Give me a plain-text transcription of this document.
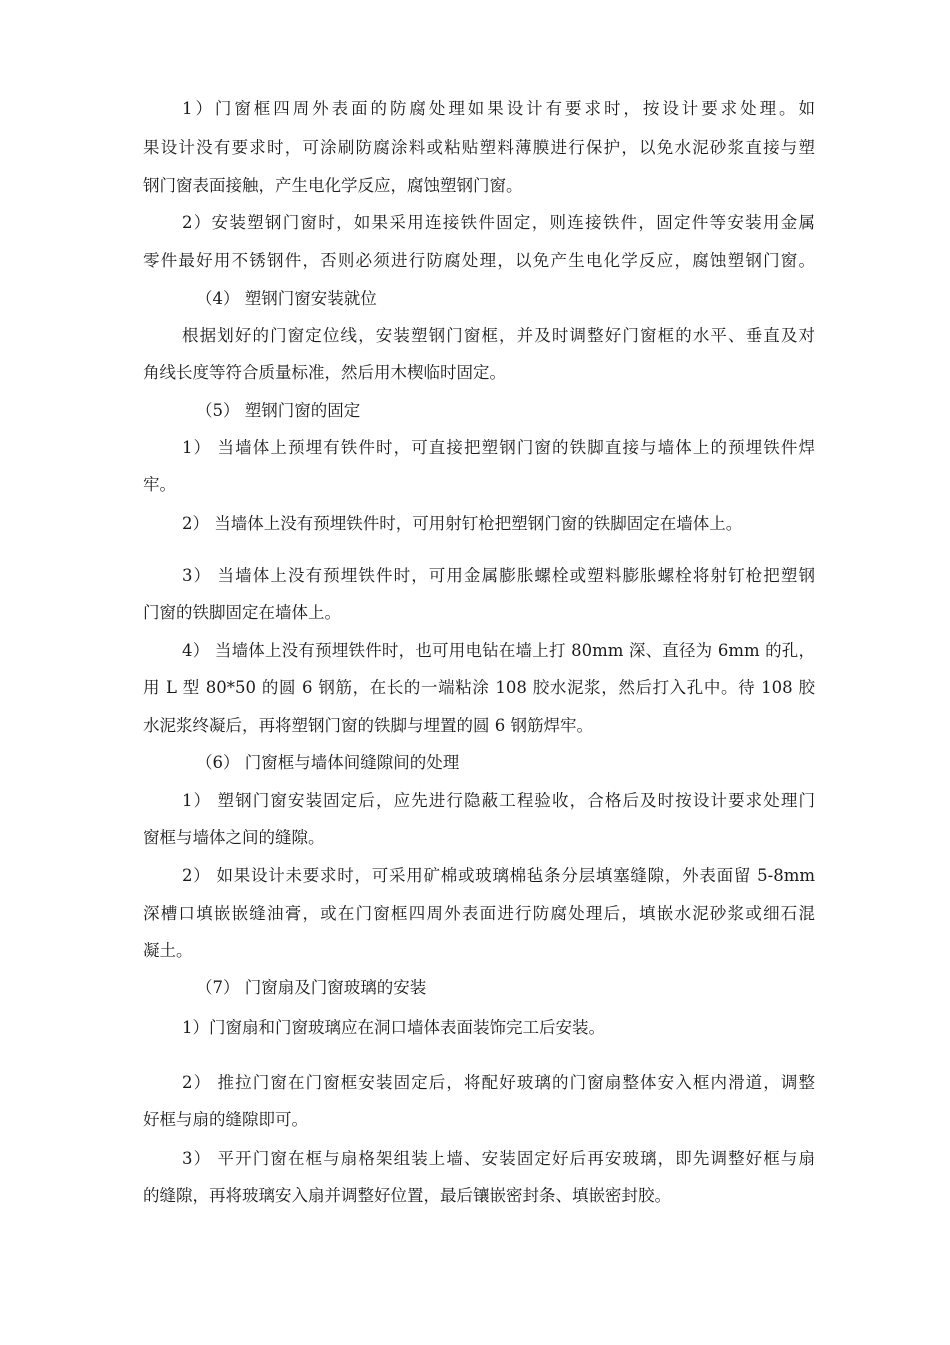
1）门窗框四周外表面的防腐处理如果设计有要求时，按设计要求处理。如
果设计没有要求时，可涂刷防腐涂料或粘贴塑料薄膜进行保护，以免水泥砂浆直接与塑
钢门窗表面接触，产生电化学反应，腐蚀塑钢门窗。
2）安装塑钢门窗时，如果采用连接铁件固定，则连接铁件，固定件等安装用金属
零件最好用不锈钢件，否则必须进行防腐处理，以免产生电化学反应，腐蚀塑钢门窗。
（4） 塑钢门窗安装就位
根据划好的门窗定位线，安装塑钢门窗框，并及时调整好门窗框的水平、垂直及对
角线长度等符合质量标准，然后用木楔临时固定。
（5） 塑钢门窗的固定
1） 当墙体上预埋有铁件时，可直接把塑钢门窗的铁脚直接与墙体上的预埋铁件焊
牢。
2） 当墙体上没有预埋铁件时，可用射钉枪把塑钢门窗的铁脚固定在墙体上。
3） 当墙体上没有预埋铁件时，可用金属膨胀螺栓或塑料膨胀螺栓将射钉枪把塑钢
门窗的铁脚固定在墙体上。
4） 当墙体上没有预埋铁件时，也可用电钻在墙上打 80mm 深、直径为 6mm 的孔，
用 L 型 80*50 的圆 6 钢筋，在长的一端粘涂 108 胶水泥浆，然后打入孔中。待 108 胶
水泥浆终凝后，再将塑钢门窗的铁脚与埋置的圆 6 钢筋焊牢。
（6） 门窗框与墙体间缝隙间的处理
1） 塑钢门窗安装固定后，应先进行隐蔽工程验收，合格后及时按设计要求处理门
窗框与墙体之间的缝隙。
2） 如果设计未要求时，可采用矿棉或玻璃棉毡条分层填塞缝隙，外表面留 5-8mm
深槽口填嵌嵌缝油膏，或在门窗框四周外表面进行防腐处理后，填嵌水泥砂浆或细石混
凝土。
（7） 门窗扇及门窗玻璃的安装
1）门窗扇和门窗玻璃应在洞口墙体表面装饰完工后安装。
2） 推拉门窗在门窗框安装固定后，将配好玻璃的门窗扇整体安入框内滑道，调整
好框与扇的缝隙即可。
3） 平开门窗在框与扇格架组装上墙、安装固定好后再安玻璃，即先调整好框与扇
的缝隙，再将玻璃安入扇并调整好位置，最后镶嵌密封条、填嵌密封胶。
